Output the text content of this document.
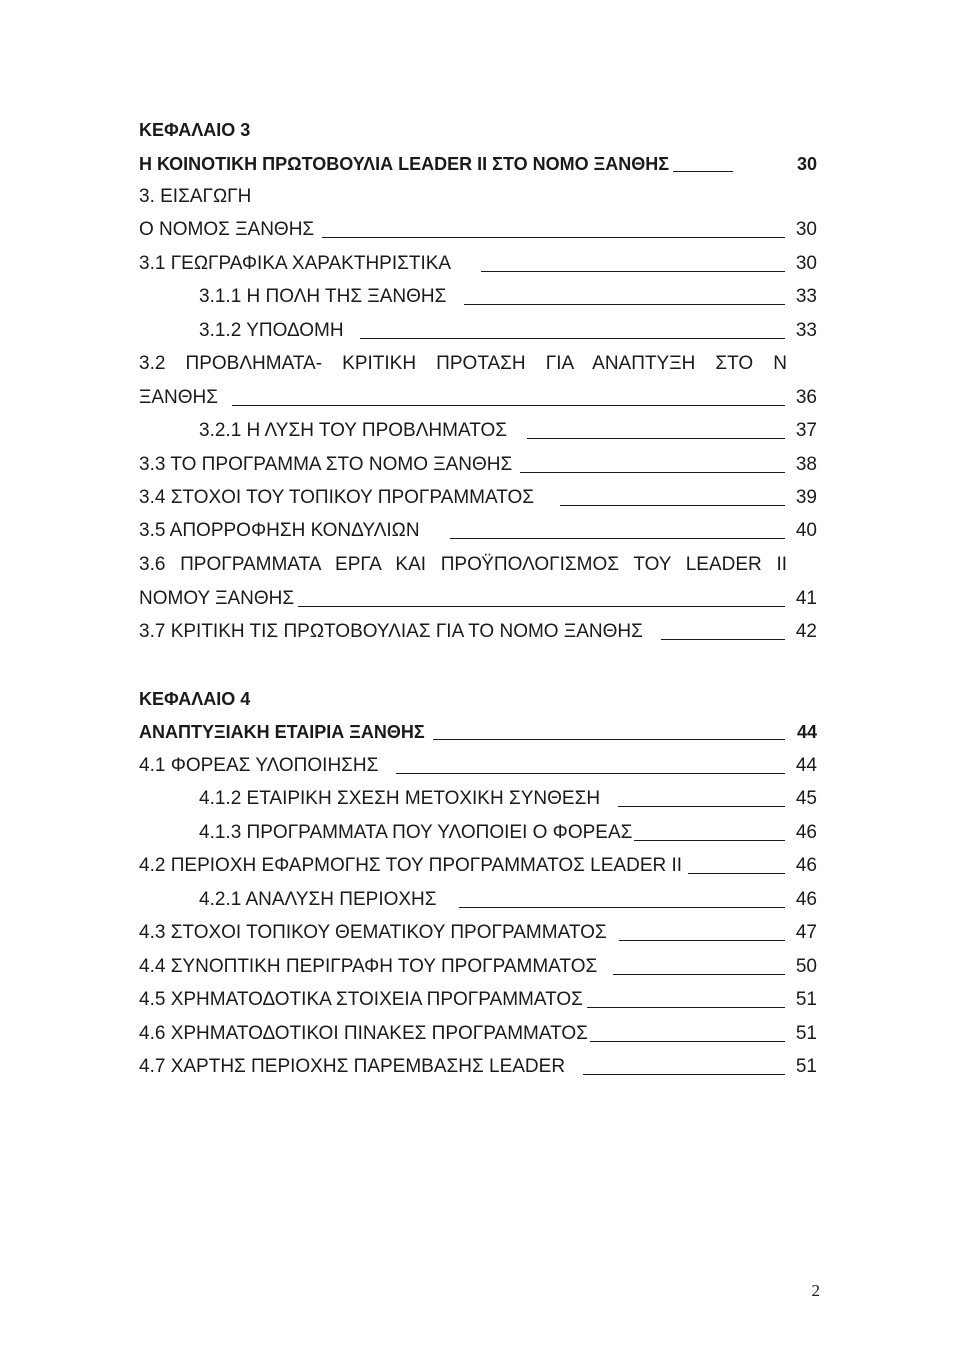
ΚΕΦΑΛΑΙΟ 3
Η ΚΟΙΝΟΤΙΚΗ ΠΡΩΤΟΒΟΥΛΙΑ LEADER II ΣΤΟ ΝΟΜΟ ΞΑΝΘΗΣ	30
3. ΕΙΣΑΓΩΓΗ
Ο ΝΟΜΟΣ ΞΑΝΘΗΣ	30
3.1 ΓΕΩΓΡΑΦΙΚΑ ΧΑΡΑΚΤΗΡΙΣΤΙΚΑ	30
3.1.1 Η ΠΟΛΗ ΤΗΣ ΞΑΝΘΗΣ	33
3.1.2 ΥΠΟΔΟΜΗ	33
3.2 ΠΡΟΒΛΗΜΑΤΑ- ΚΡΙΤΙΚΗ ΠΡΟΤΑΣΗ ΓΙΑ ΑΝΑΠΤΥΞΗ ΣΤΟ Ν
ΞΑΝΘΗΣ	36
3.2.1 Η ΛΥΣΗ ΤΟΥ ΠΡΟΒΛΗΜΑΤΟΣ	37
3.3 ΤΟ ΠΡΟΓΡΑΜΜΑ ΣΤΟ ΝΟΜΟ ΞΑΝΘΗΣ	38
3.4 ΣΤΟΧΟΙ ΤΟΥ ΤΟΠΙΚΟΥ ΠΡΟΓΡΑΜΜΑΤΟΣ	39
3.5 ΑΠΟΡΡΟΦΗΣΗ ΚΟΝΔΥΛΙΩΝ	40
3.6 ΠΡΟΓΡΑΜΜΑΤΑ ΕΡΓΑ ΚΑΙ ΠΡΟΫΠΟΛΟΓΙΣΜΟΣ ΤΟΥ LEADER II
ΝΟΜΟΥ ΞΑΝΘΗΣ	41
3.7 ΚΡΙΤΙΚΗ ΤΙΣ ΠΡΩΤΟΒΟΥΛΙΑΣ ΓΙΑ ΤΟ ΝΟΜΟ ΞΑΝΘΗΣ	42
ΚΕΦΑΛΑΙΟ 4
ΑΝΑΠΤΥΞΙΑΚΗ ΕΤΑΙΡΙΑ ΞΑΝΘΗΣ	44
4.1 ΦΟΡΕΑΣ ΥΛΟΠΟΙΗΣΗΣ	44
4.1.2 ΕΤΑΙΡΙΚΗ ΣΧΕΣΗ ΜΕΤΟΧΙΚΗ ΣΥΝΘΕΣΗ	45
4.1.3 ΠΡΟΓΡΑΜΜΑΤΑ ΠΟΥ ΥΛΟΠΟΙΕΙ Ο ΦΟΡΕΑΣ	46
4.2 ΠΕΡΙΟΧΗ ΕΦΑΡΜΟΓΗΣ ΤΟΥ ΠΡΟΓΡΑΜΜΑΤΟΣ LEADER II	46
4.2.1 ΑΝΑΛΥΣΗ ΠΕΡΙΟΧΗΣ	46
4.3 ΣΤΟΧΟΙ ΤΟΠΙΚΟΥ ΘΕΜΑΤΙΚΟΥ ΠΡΟΓΡΑΜΜΑΤΟΣ	47
4.4 ΣΥΝΟΠΤΙΚΗ ΠΕΡΙΓΡΑΦΗ ΤΟΥ ΠΡΟΓΡΑΜΜΑΤΟΣ	50
4.5 ΧΡΗΜΑΤΟΔΟΤΙΚΑ ΣΤΟΙΧΕΙΑ ΠΡΟΓΡΑΜΜΑΤΟΣ	51
4.6 ΧΡΗΜΑΤΟΔΟΤΙΚΟΙ ΠΙΝΑΚΕΣ ΠΡΟΓΡΑΜΜΑΤΟΣ	51
4.7 ΧΑΡΤΗΣ ΠΕΡΙΟΧΗΣ ΠΑΡΕΜΒΑΣΗΣ LEADER	51
2
